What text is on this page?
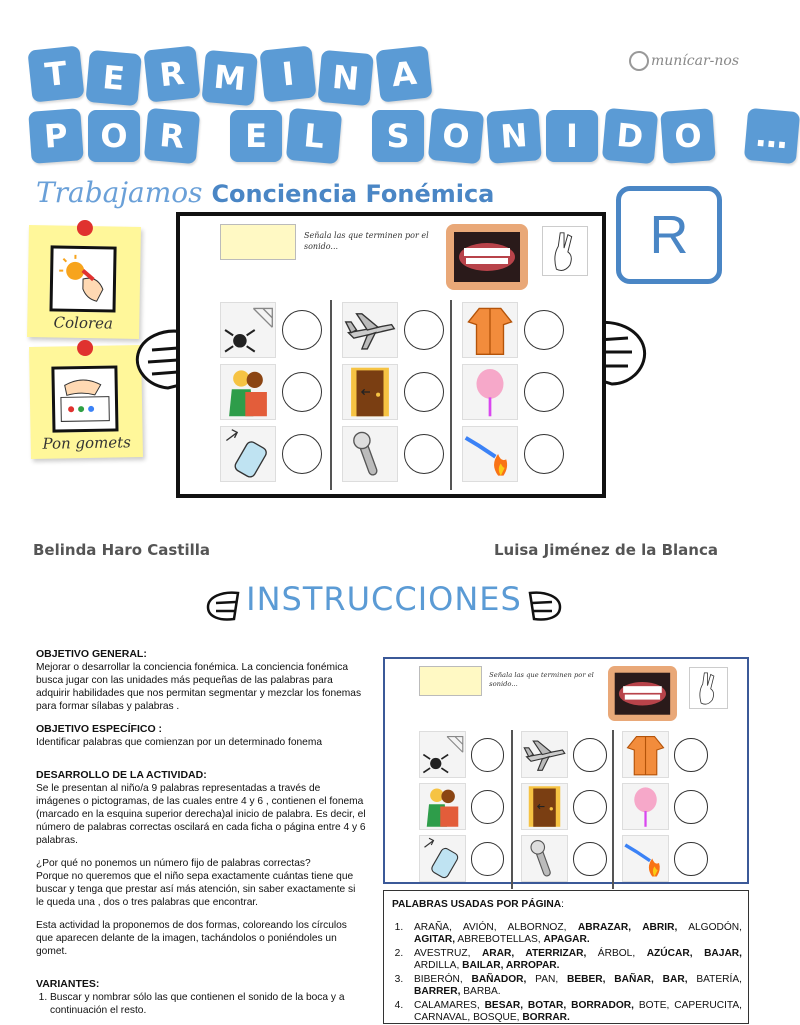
T	E R M	I	N A
P O R	E	L	S O N	I	D O	…
munícar-nos
Trabajamos Conciencia Fonémica
R
Colorea
Pon gomets
Señala las que terminen por el sonido...
Belinda Haro Castilla	Luisa Jiménez de la Blanca
INSTRUCCIONES
OBJETIVO GENERAL:

Mejorar o desarrollar la conciencia fonémica. La conciencia fonémica busca jugar con las unidades más pequeñas de las palabras para adquirir habilidades que nos permitan segmentar y mezclar los fonemas para formar sílabas y palabras .

OBJETIVO ESPECÍFICO :

Identificar palabras que comienzan por un determinado fonema

DESARROLLO DE LA ACTIVIDAD:

Se le presentan al niño/a 9 palabras representadas a través de imágenes o pictogramas, de las cuales entre 4 y 6 , contienen el fonema (marcado en la esquina superior derecha)al inicio de palabra. Es decir, el número de palabras correctas oscilará en cada ficha o página entre 4 y 6 palabras.

¿Por qué no ponemos un número fijo de palabras correctas?

Porque no queremos que el niño sepa exactamente cuántas tiene que buscar y tenga que prestar así más atención, sin saber exactamente si le queda una , dos o tres palabras que encontrar.

Esta actividad la proponemos de dos formas, coloreando los círculos que aparecen delante de la imagen, tachándolos o poniéndoles un gomet.

VARIANTES:
1. Buscar y nombrar sólo las que contienen el sonido de la boca y a continuación el resto.
Señala las que terminen por el sonido...
PALABRAS USADAS POR PÁGINA:
1. ARAÑA, AVIÓN, ALBORNOZ, ABRAZAR, ABRIR, ALGODÓN, AGITAR, ABREBOTELLAS, APAGAR.
2. AVESTRUZ, ARAR, ATERRIZAR, ÁRBOL, AZÚCAR, BAJAR, ARDILLA, BAILAR, ARROPAR.
3. BIBERÓN, BAÑADOR, PAN, BEBER, BAÑAR, BAR, BATERÍA, BARRER, BARBA.
4. CALAMARES, BESAR, BOTAR, BORRADOR, BOTE, CAPERUCITA, CARNAVAL, BOSQUE, BORRAR.
